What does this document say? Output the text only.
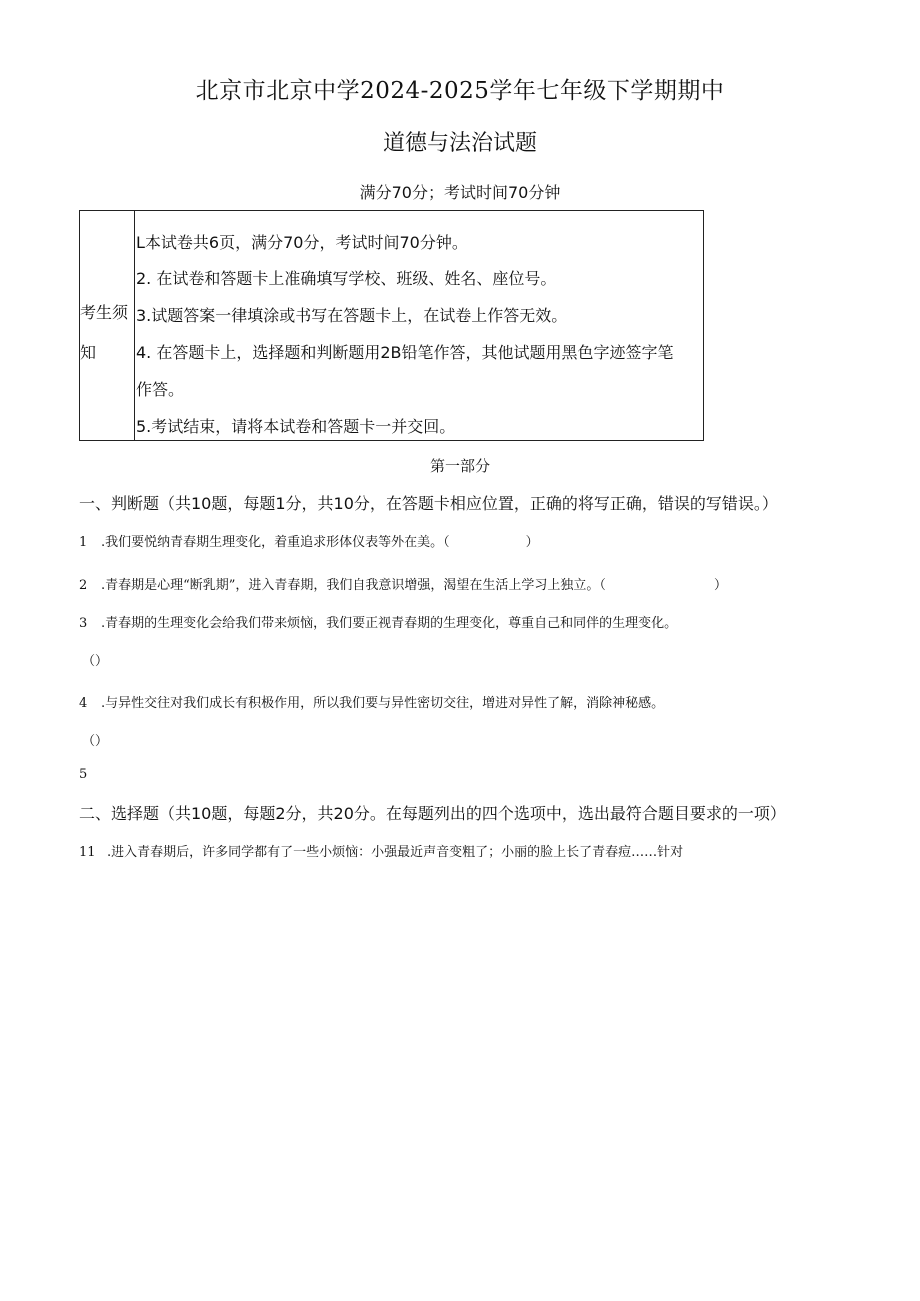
北京市北京中学2024-2025学年七年级下学期期中
道德与法治试题
满分70分；考试时间70分钟
考生须
知
L本试卷共6页，满分70分，考试时间70分钟。
2. 在试卷和答题卡上准确填写学校、班级、姓名、座位号。
3.试题答案一律填涂或书写在答题卡上，在试卷上作答无效。
4. 在答题卡上，选择题和判断题用2B铅笔作答，其他试题用黑色字迹签字笔
作答。
5.考试结束，请将本试卷和答题卡一并交回。
第一部分
一、判断题（共10题，每题1分，共10分，在答题卡相应位置，正确的将写正确，错误的写错误。）
1 .我们要悦纳青春期生理变化，着重追求形体仪表等外在美。（	）
2 .青春期是心理“断乳期”，进入青春期，我们自我意识增强，渴望在生活上学习上独立。（	）
3 .青春期的生理变化会给我们带来烦恼，我们要正视青春期的生理变化，尊重自己和同伴的生理变化。
（）
4 .与异性交往对我们成长有积极作用，所以我们要与异性密切交往，增进对异性了解，消除神秘感。
（）
5
二、选择题（共10题，每题2分，共20分。在每题列出的四个选项中，选出最符合题目要求的一项）
11 .进入青春期后，许多同学都有了一些小烦恼：小强最近声音变粗了；小丽的脸上长了青春痘……针对
